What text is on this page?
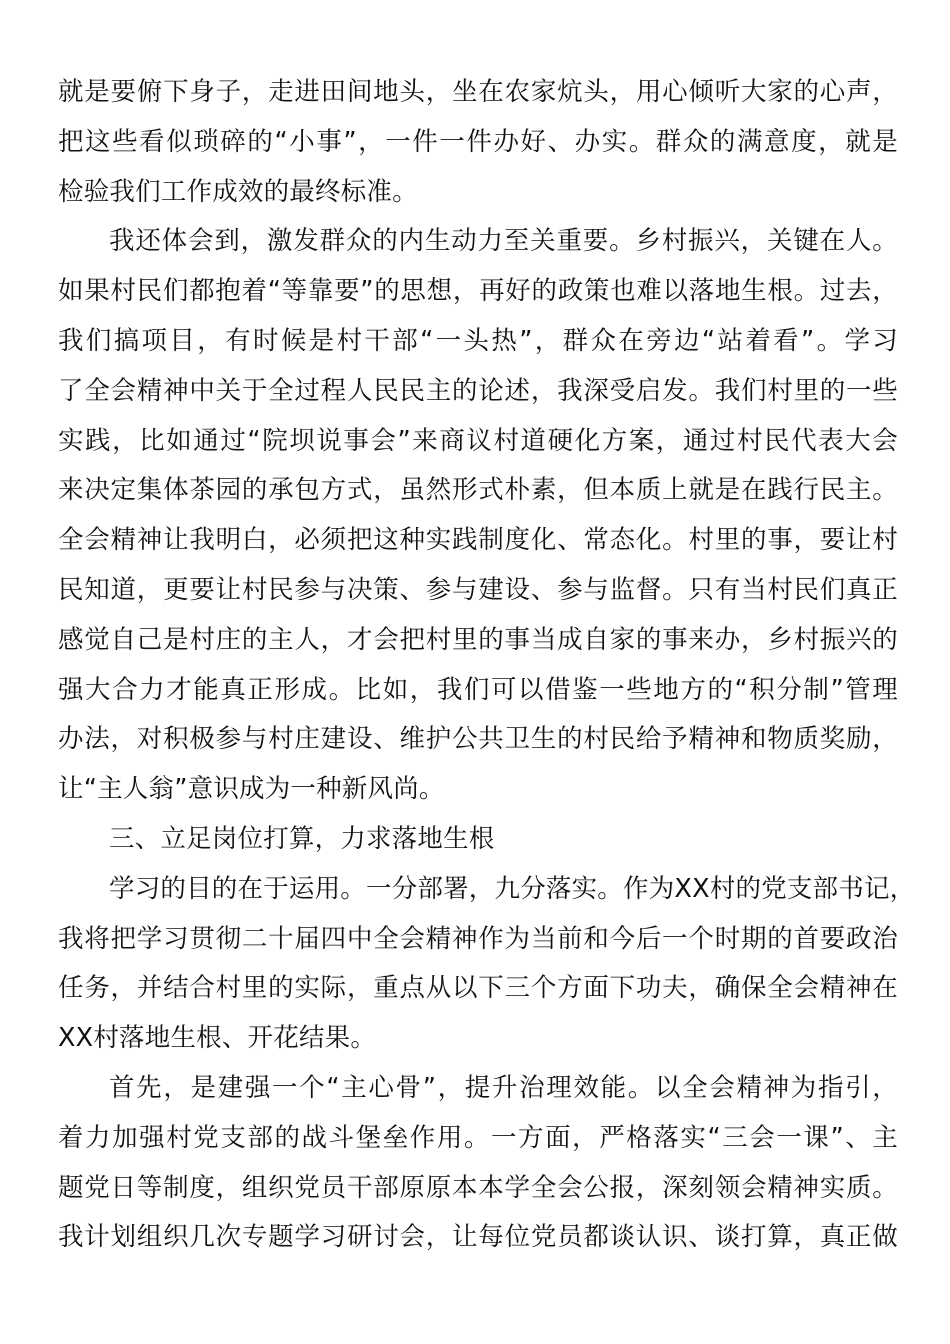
就是要俯下身子，走进田间地头，坐在农家炕头，用心倾听大家的心声，
把这些看似琐碎的“小事”，一件一件办好、办实。群众的满意度，就是
检验我们工作成效的最终标准。
我还体会到，激发群众的内生动力至关重要。乡村振兴，关键在人。
如果村民们都抱着“等靠要”的思想，再好的政策也难以落地生根。过去，
我们搞项目，有时候是村干部“一头热”，群众在旁边“站着看”。学习
了全会精神中关于全过程人民民主的论述，我深受启发。我们村里的一些
实践，比如通过“院坝说事会”来商议村道硬化方案，通过村民代表大会
来决定集体茶园的承包方式，虽然形式朴素，但本质上就是在践行民主。
全会精神让我明白，必须把这种实践制度化、常态化。村里的事，要让村
民知道，更要让村民参与决策、参与建设、参与监督。只有当村民们真正
感觉自己是村庄的主人，才会把村里的事当成自家的事来办，乡村振兴的
强大合力才能真正形成。比如，我们可以借鉴一些地方的“积分制”管理
办法，对积极参与村庄建设、维护公共卫生的村民给予精神和物质奖励，
让“主人翁”意识成为一种新风尚。
三、立足岗位打算，力求落地生根
学习的目的在于运用。一分部署，九分落实。作为XX村的党支部书记，
我将把学习贯彻二十届四中全会精神作为当前和今后一个时期的首要政治
任务，并结合村里的实际，重点从以下三个方面下功夫，确保全会精神在
XX村落地生根、开花结果。
首先，是建强一个“主心骨”，提升治理效能。以全会精神为指引，
着力加强村党支部的战斗堡垒作用。一方面，严格落实“三会一课”、主
题党日等制度，组织党员干部原原本本学全会公报，深刻领会精神实质。
我计划组织几次专题学习研讨会，让每位党员都谈认识、谈打算，真正做
